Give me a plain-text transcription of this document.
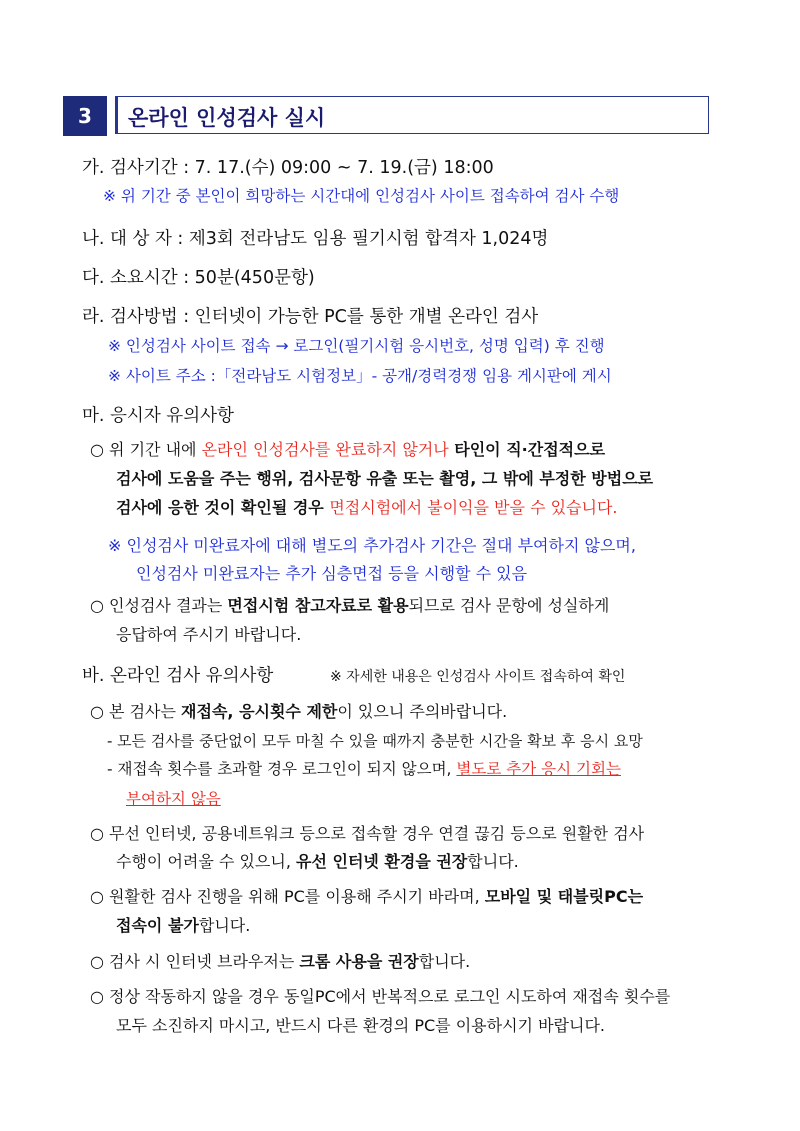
3	온라인 인성검사 실시
가. 검사기간 : 7. 17.(수) 09:00 ~ 7. 19.(금) 18:00
※ 위 기간 중 본인이 희망하는 시간대에 인성검사 사이트 접속하여 검사 수행
나. 대 상 자 : 제3회 전라남도 임용 필기시험 합격자 1,024명
다. 소요시간 : 50분(450문항)
라. 검사방법 : 인터넷이 가능한 PC를 통한 개별 온라인 검사
※ 인성검사 사이트 접속 → 로그인(필기시험 응시번호, 성명 입력) 후 진행
※ 사이트 주소 :「전라남도 시험정보」- 공개/경력경쟁 임용 게시판에 게시
마. 응시자 유의사항
○ 위 기간 내에 온라인 인성검사를 완료하지 않거나 타인이 직·간접적으로
검사에 도움을 주는 행위, 검사문항 유출 또는 촬영, 그 밖에 부정한 방법으로
검사에 응한 것이 확인될 경우 면접시험에서 불이익을 받을 수 있습니다.
※ 인성검사 미완료자에 대해 별도의 추가검사 기간은 절대 부여하지 않으며,
인성검사 미완료자는 추가 심층면접 등을 시행할 수 있음
○ 인성검사 결과는 면접시험 참고자료로 활용되므로 검사 문항에 성실하게
응답하여 주시기 바랍니다.
바. 온라인 검사 유의사항	※ 자세한 내용은 인성검사 사이트 접속하여 확인
○ 본 검사는 재접속, 응시횟수 제한이 있으니 주의바랍니다.
- 모든 검사를 중단없이 모두 마칠 수 있을 때까지 충분한 시간을 확보 후 응시 요망
- 재접속 횟수를 초과할 경우 로그인이 되지 않으며, 별도로 추가 응시 기회는
부여하지 않음
○ 무선 인터넷, 공용네트워크 등으로 접속할 경우 연결 끊김 등으로 원활한 검사
수행이 어려울 수 있으니, 유선 인터넷 환경을 권장합니다.
○ 원활한 검사 진행을 위해 PC를 이용해 주시기 바라며, 모바일 및 태블릿PC는
접속이 불가합니다.
○ 검사 시 인터넷 브라우저는 크롬 사용을 권장합니다.
○ 정상 작동하지 않을 경우 동일PC에서 반복적으로 로그인 시도하여 재접속 횟수를
모두 소진하지 마시고, 반드시 다른 환경의 PC를 이용하시기 바랍니다.
